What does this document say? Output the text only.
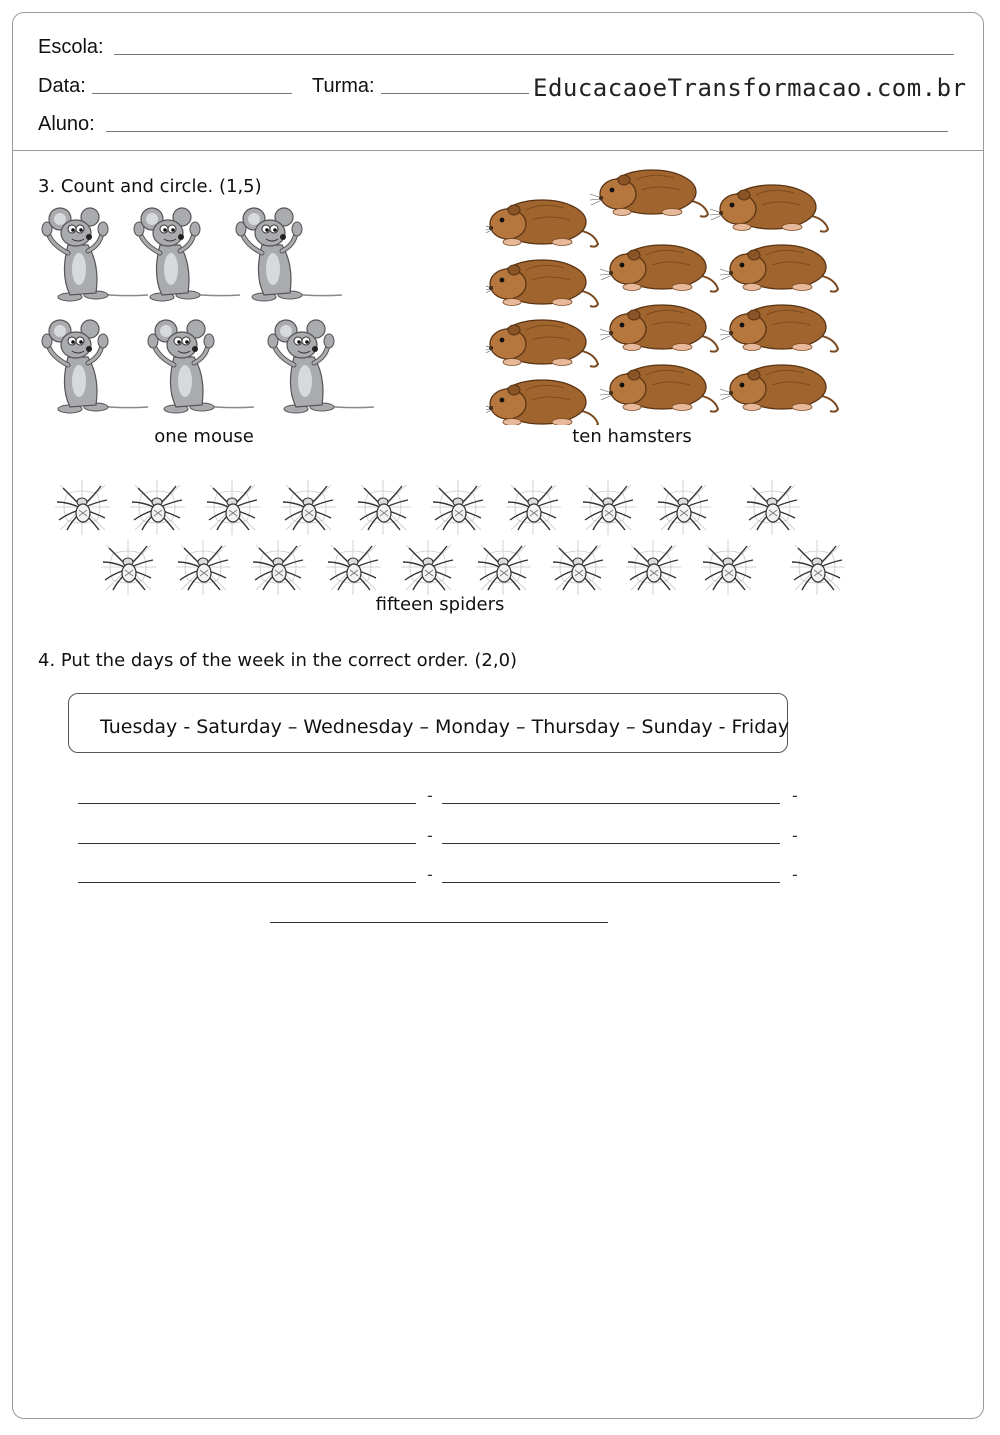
Escola:
Data:	Turma:
Aluno:
EducacaoeTransformacao.com.br
3. Count and circle. (1,5)
one mouse	ten hamsters
fifteen spiders
4. Put the days of the week in the correct order. (2,0)
Tuesday - Saturday – Wednesday – Monday – Thursday – Sunday - Friday
-	-
-	-
-	-
